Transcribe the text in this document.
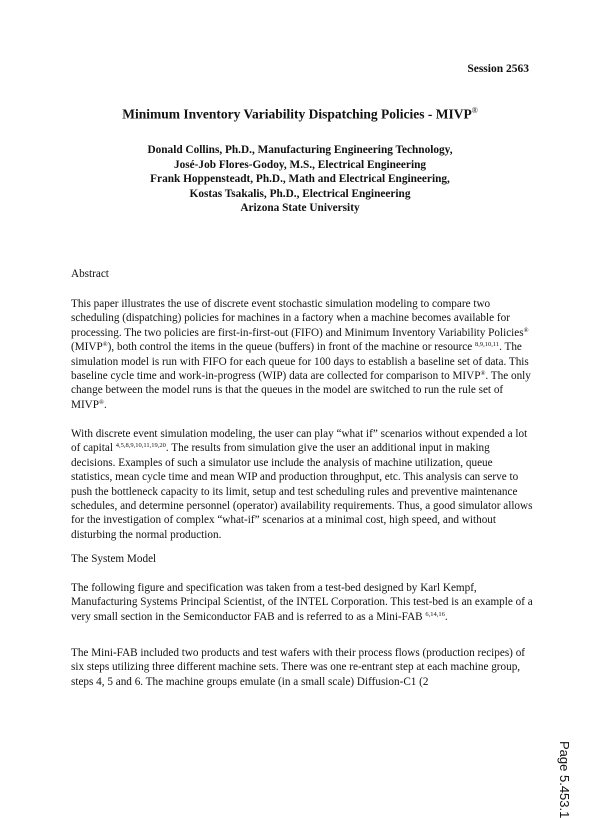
Session 2563
Minimum Inventory Variability Dispatching Policies - MIVP®
Donald Collins, Ph.D., Manufacturing Engineering Technology,
José-Job Flores-Godoy, M.S., Electrical Engineering
Frank Hoppensteadt, Ph.D., Math and Electrical Engineering,
Kostas Tsakalis, Ph.D., Electrical Engineering
Arizona State University
Abstract

This paper illustrates the use of discrete event stochastic simulation modeling to compare two scheduling (dispatching) policies for machines in a factory when a machine becomes available for processing. The two policies are first-in-first-out (FIFO) and Minimum Inventory Variability Policies® (MIVP®), both control the items in the queue (buffers) in front of the machine or resource $^{8,9,10,11}$. The simulation model is run with FIFO for each queue for 100 days to establish a baseline set of data. This baseline cycle time and work-in-progress (WIP) data are collected for comparison to MIVP®. The only change between the model runs is that the queues in the model are switched to run the rule set of MIVP®.

With discrete event simulation modeling, the user can play “what if” scenarios without expended a lot of capital $^{4,5,8,9,10,11,19,20}$. The results from simulation give the user an additional input in making decisions. Examples of such a simulator use include the analysis of machine utilization, queue statistics, mean cycle time and mean WIP and production throughput, etc. This analysis can serve to push the bottleneck capacity to its limit, setup and test scheduling rules and preventive maintenance schedules, and determine personnel (operator) availability requirements. Thus, a good simulator allows for the investigation of complex “what-if” scenarios at a minimal cost, high speed, and without disturbing the normal production.

The System Model

The following figure and specification was taken from a test-bed designed by Karl Kempf, Manufacturing Systems Principal Scientist, of the INTEL Corporation. This test-bed is an example of a very small section in the Semiconductor FAB and is referred to as a Mini-FAB $^{6,14,16}$.

The Mini-FAB included two products and test wafers with their process flows (production recipes) of six steps utilizing three different machine sets. There was one re-entrant step at each machine group, steps 4, 5 and 6. The machine groups emulate (in a small scale) Diffusion-C1 (2
Page 5.453.1
